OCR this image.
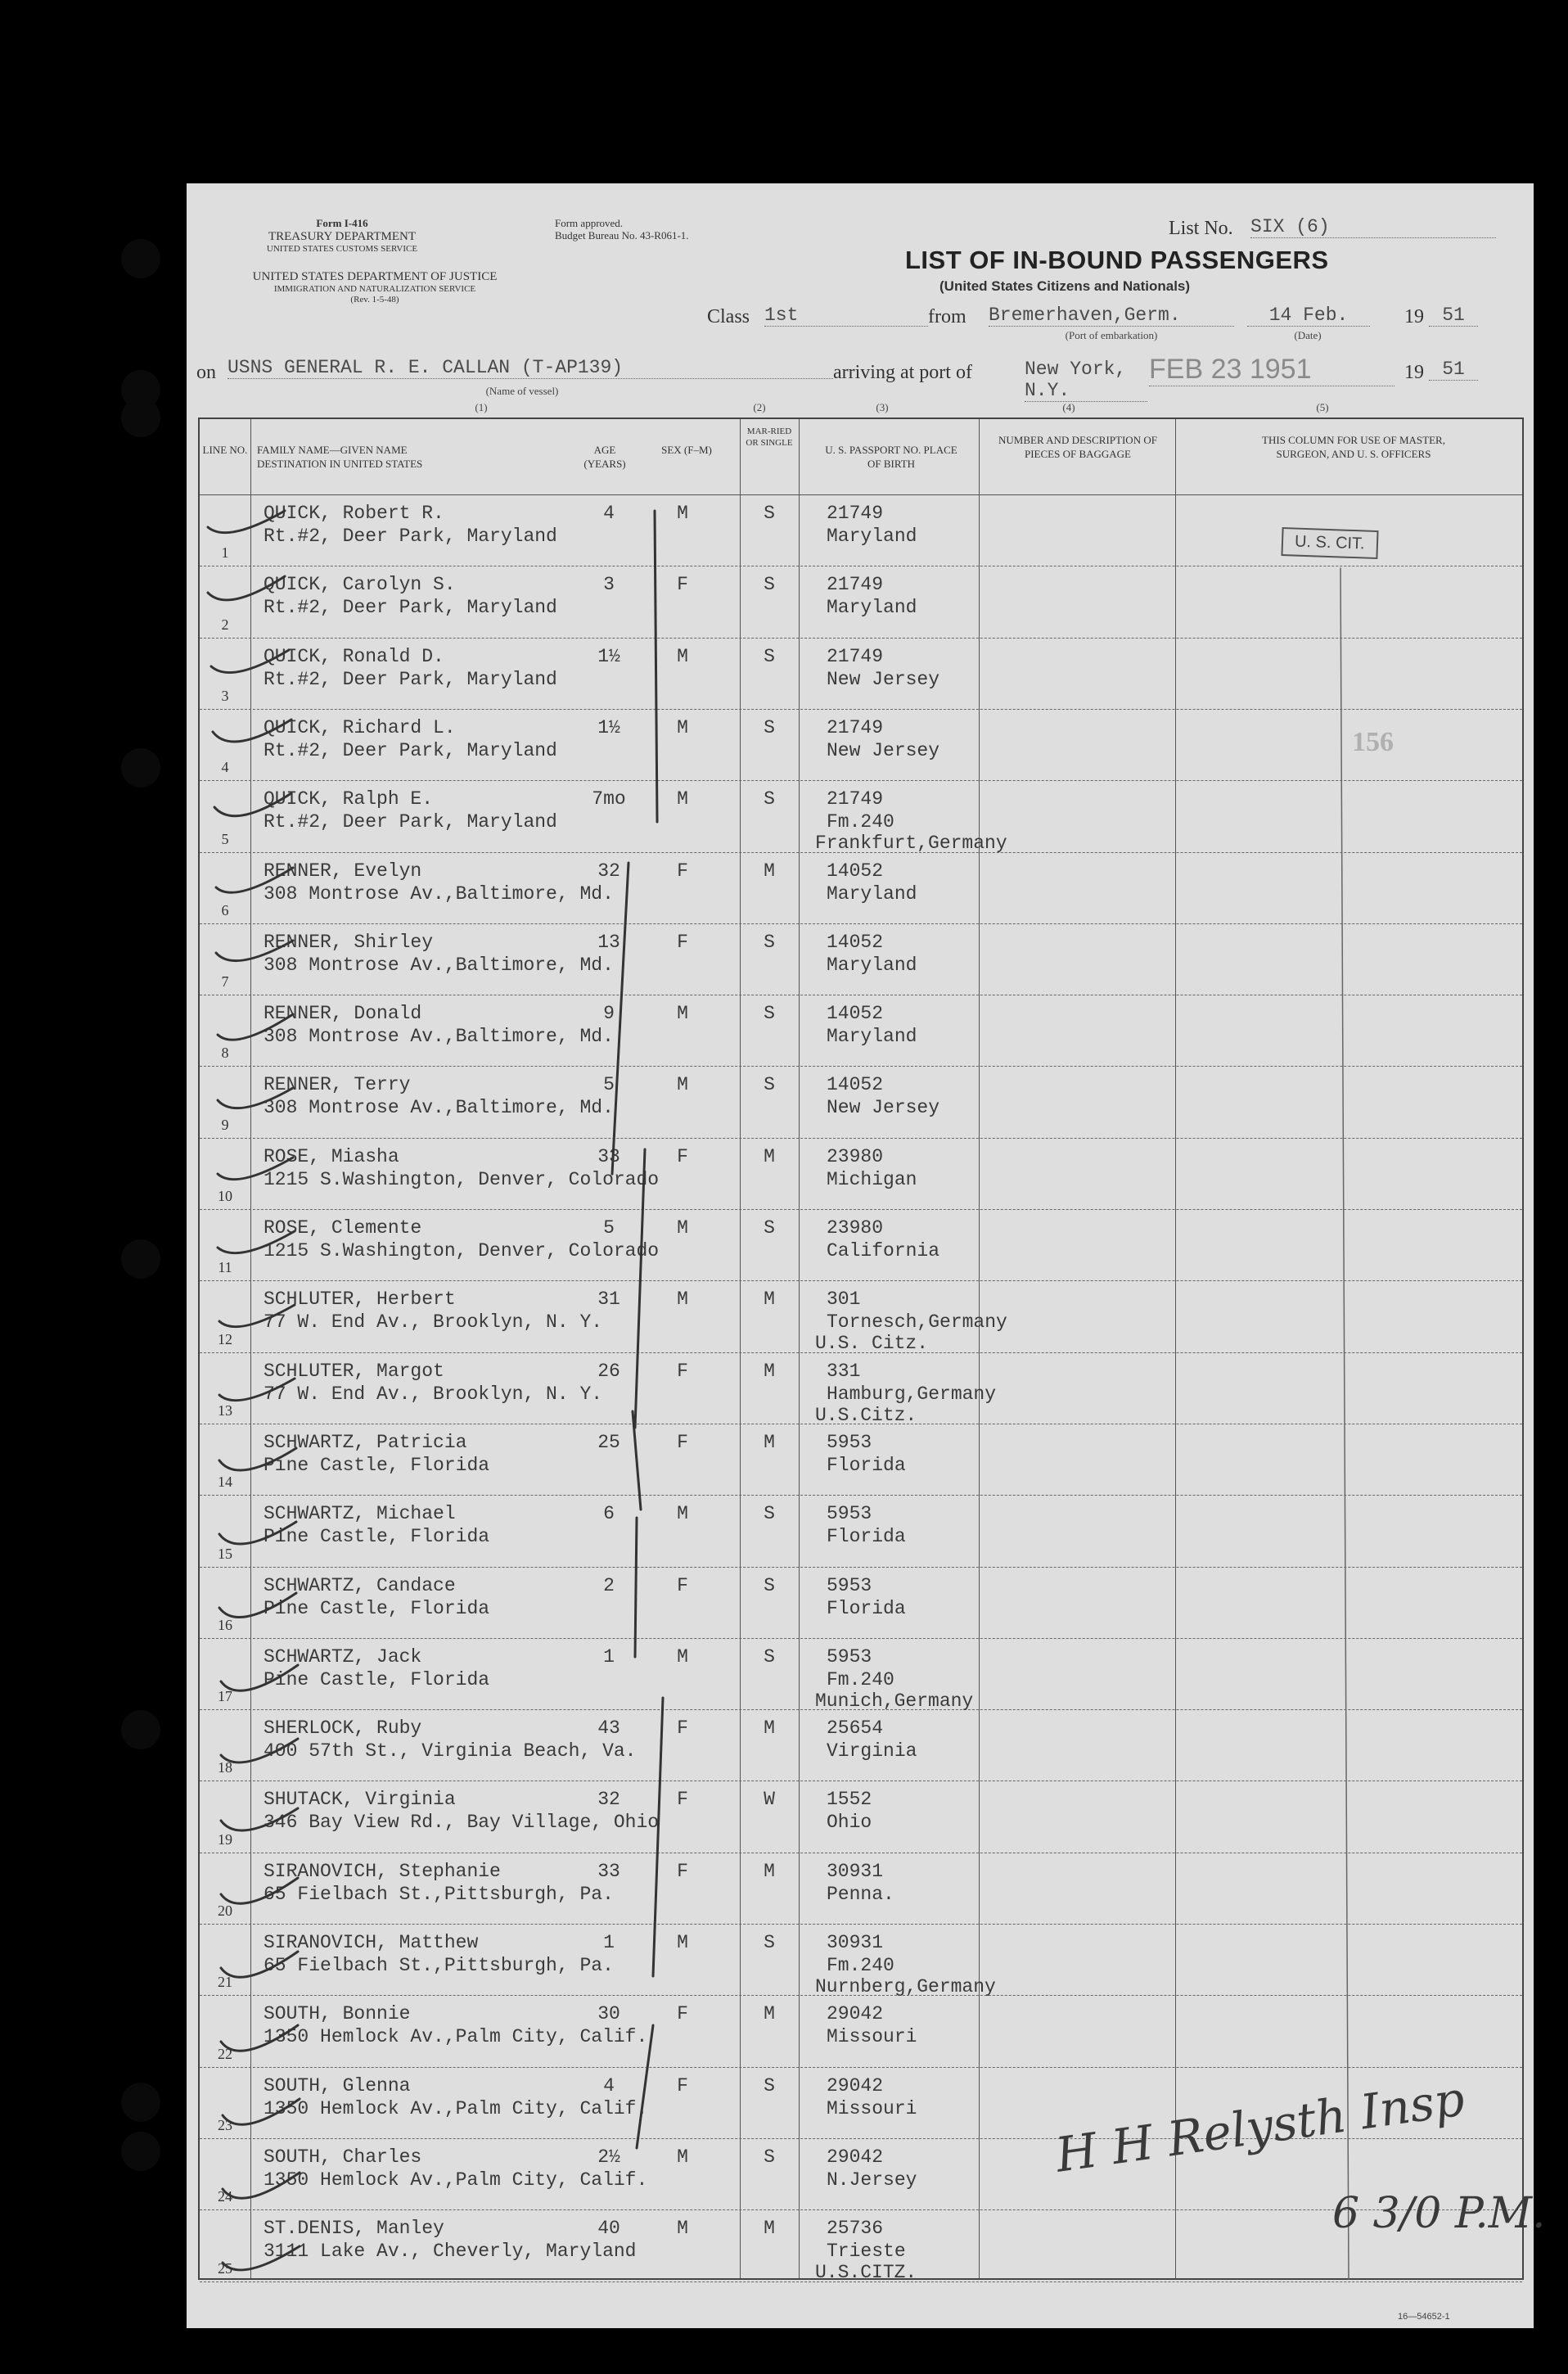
Form I-416
TREASURY DEPARTMENT
UNITED STATES CUSTOMS SERVICE
Form approved.
Budget Bureau No. 43-R061-1.
UNITED STATES DEPARTMENT OF JUSTICE
IMMIGRATION AND NATURALIZATION SERVICE
(Rev. 1-5-48)
List No. SIX (6)
LIST OF IN-BOUND PASSENGERS
(United States Citizens and Nationals)
Class 1st	from Bremerhaven,Germ.
(Port of embarkation)
14 Feb.
(Date)
19 51
on USNS GENERAL R. E. CALLAN (T-AP139)
(Name of vessel)
arriving at port of	New York, N.Y.
FEB 23 1951	19 51
(1)	(2)	(3)	(4)	(5)
LINE NO. FAMILY NAME—GIVEN NAME DESTINATION IN UNITED STATES
AGE (YEARS)
SEX (F–M)
MAR-RIED OR SINGLE
U. S. PASSPORT NO. PLACE OF BIRTH
NUMBER AND DESCRIPTION OF PIECES OF BAGGAGE
THIS COLUMN FOR USE OF MASTER, SURGEON, AND U. S. OFFICERS
1
QUICK, Robert R.
Rt.#2, Deer Park, Maryland
4	M	S	21749
Maryland
2
QUICK, Carolyn S.
Rt.#2, Deer Park, Maryland
3	F	S	21749
Maryland
3
QUICK, Ronald D.
Rt.#2, Deer Park, Maryland
1½	M	S	21749
New Jersey
4
QUICK, Richard L.
Rt.#2, Deer Park, Maryland
1½	M	S	21749
New Jersey
5
QUICK, Ralph E.
Rt.#2, Deer Park, Maryland
7mo	M	S	21749
Fm.240
Frankfurt,Germany
6
RENNER, Evelyn
308 Montrose Av.,Baltimore, Md.
32	F	M	14052
Maryland
7
RENNER, Shirley
308 Montrose Av.,Baltimore, Md.
13	F	S	14052
Maryland
8
RENNER, Donald
308 Montrose Av.,Baltimore, Md.
9	M	S	14052
Maryland
9
RENNER, Terry
308 Montrose Av.,Baltimore, Md.
5	M	S	14052
New Jersey
10
ROSE, Miasha
1215 S.Washington, Denver, Colorado
33	F	M	23980
Michigan
11
ROSE, Clemente
1215 S.Washington, Denver, Colorado
5	M	S	23980
California
12
SCHLUTER, Herbert
77 W. End Av., Brooklyn, N. Y.
31	M	M	301
Tornesch,Germany
U.S. Citz.
13
SCHLUTER, Margot
77 W. End Av., Brooklyn, N. Y.
26	F	M	331
Hamburg,Germany
U.S.Citz.
14
SCHWARTZ, Patricia
Pine Castle, Florida
25	F	M	5953
Florida
15
SCHWARTZ, Michael
Pine Castle, Florida
6	M	S	5953
Florida
16
SCHWARTZ, Candace
Pine Castle, Florida
2	F	S	5953
Florida
17
SCHWARTZ, Jack
Pine Castle, Florida
1	M	S	5953
Fm.240
Munich,Germany
18
SHERLOCK, Ruby
400 57th St., Virginia Beach, Va.
43	F	M	25654
Virginia
19
SHUTACK, Virginia
346 Bay View Rd., Bay Village, Ohio
32	F	W	1552
Ohio
20
SIRANOVICH, Stephanie
65 Fielbach St.,Pittsburgh, Pa.
33	F	M	30931
Penna.
21
SIRANOVICH, Matthew
65 Fielbach St.,Pittsburgh, Pa.
1	M	S	30931
Fm.240
Nurnberg,Germany
22
SOUTH, Bonnie
1350 Hemlock Av.,Palm City, Calif.
30	F	M	29042
Missouri
23
SOUTH, Glenna
1350 Hemlock Av.,Palm City, Calif.
4	F	S	29042
Missouri
24
SOUTH, Charles
1350 Hemlock Av.,Palm City, Calif.
2½	M	S	29042
N.Jersey
25
ST.DENIS, Manley
3111 Lake Av., Cheverly, Maryland
40	M	M	25736
Trieste
U.S.CITZ.
U. S. CIT.
156
H H Relysth Insp
6 3/0 P.M.
16—54652-1
